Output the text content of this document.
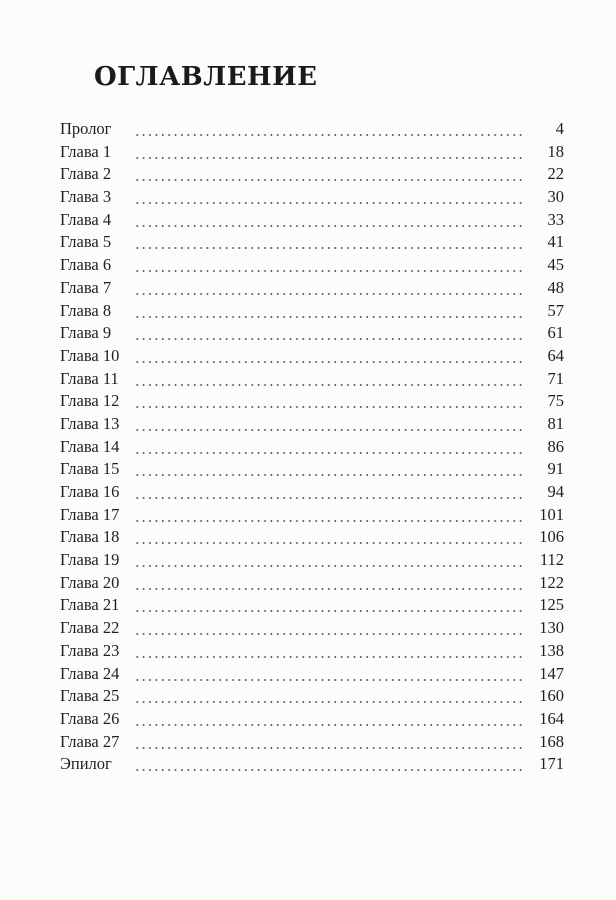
ОГЛАВЛЕНИЕ
Пролог	4
Глава 1	18
Глава 2	22
Глава 3	30
Глава 4	33
Глава 5	41
Глава 6	45
Глава 7	48
Глава 8	57
Глава 9	61
Глава 10	64
Глава 11	71
Глава 12	75
Глава 13	81
Глава 14	86
Глава 15	91
Глава 16	94
Глава 17	101
Глава 18	106
Глава 19	112
Глава 20	122
Глава 21	125
Глава 22	130
Глава 23	138
Глава 24	147
Глава 25	160
Глава 26	164
Глава 27	168
Эпилог	171
